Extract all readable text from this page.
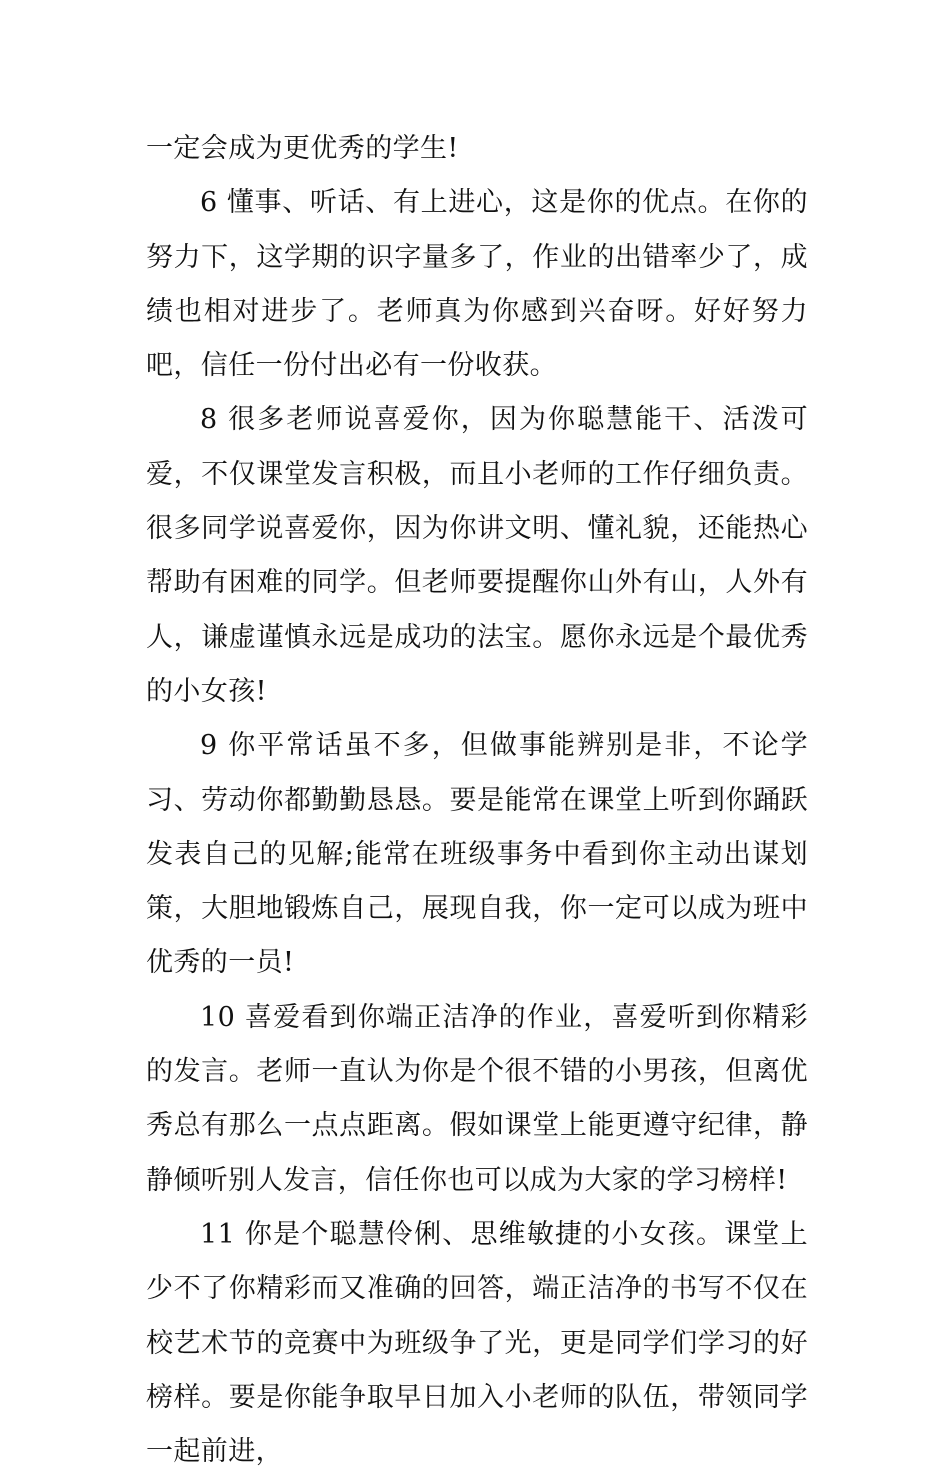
一定会成为更优秀的学生!

6 懂事、听话、有上进心，这是你的优点。在你的努力下，这学期的识字量多了，作业的出错率少了，成绩也相对进步了。老师真为你感到兴奋呀。好好努力吧，信任一份付出必有一份收获。

8 很多老师说喜爱你，因为你聪慧能干、活泼可爱，不仅课堂发言积极，而且小老师的工作仔细负责。很多同学说喜爱你，因为你讲文明、懂礼貌，还能热心帮助有困难的同学。但老师要提醒你山外有山，人外有人，谦虚谨慎永远是成功的法宝。愿你永远是个最优秀的小女孩!

9 你平常话虽不多，但做事能辨别是非，不论学习、劳动你都勤勤恳恳。要是能常在课堂上听到你踊跃发表自己的见解;能常在班级事务中看到你主动出谋划策，大胆地锻炼自己，展现自我，你一定可以成为班中优秀的一员!

10 喜爱看到你端正洁净的作业，喜爱听到你精彩的发言。老师一直认为你是个很不错的小男孩，但离优秀总有那么一点点距离。假如课堂上能更遵守纪律，静静倾听别人发言，信任你也可以成为大家的学习榜样!

11 你是个聪慧伶俐、思维敏捷的小女孩。课堂上少不了你精彩而又准确的回答，端正洁净的书写不仅在校艺术节的竞赛中为班级争了光，更是同学们学习的好榜样。要是你能争取早日加入小老师的队伍，带领同学一起前进，
